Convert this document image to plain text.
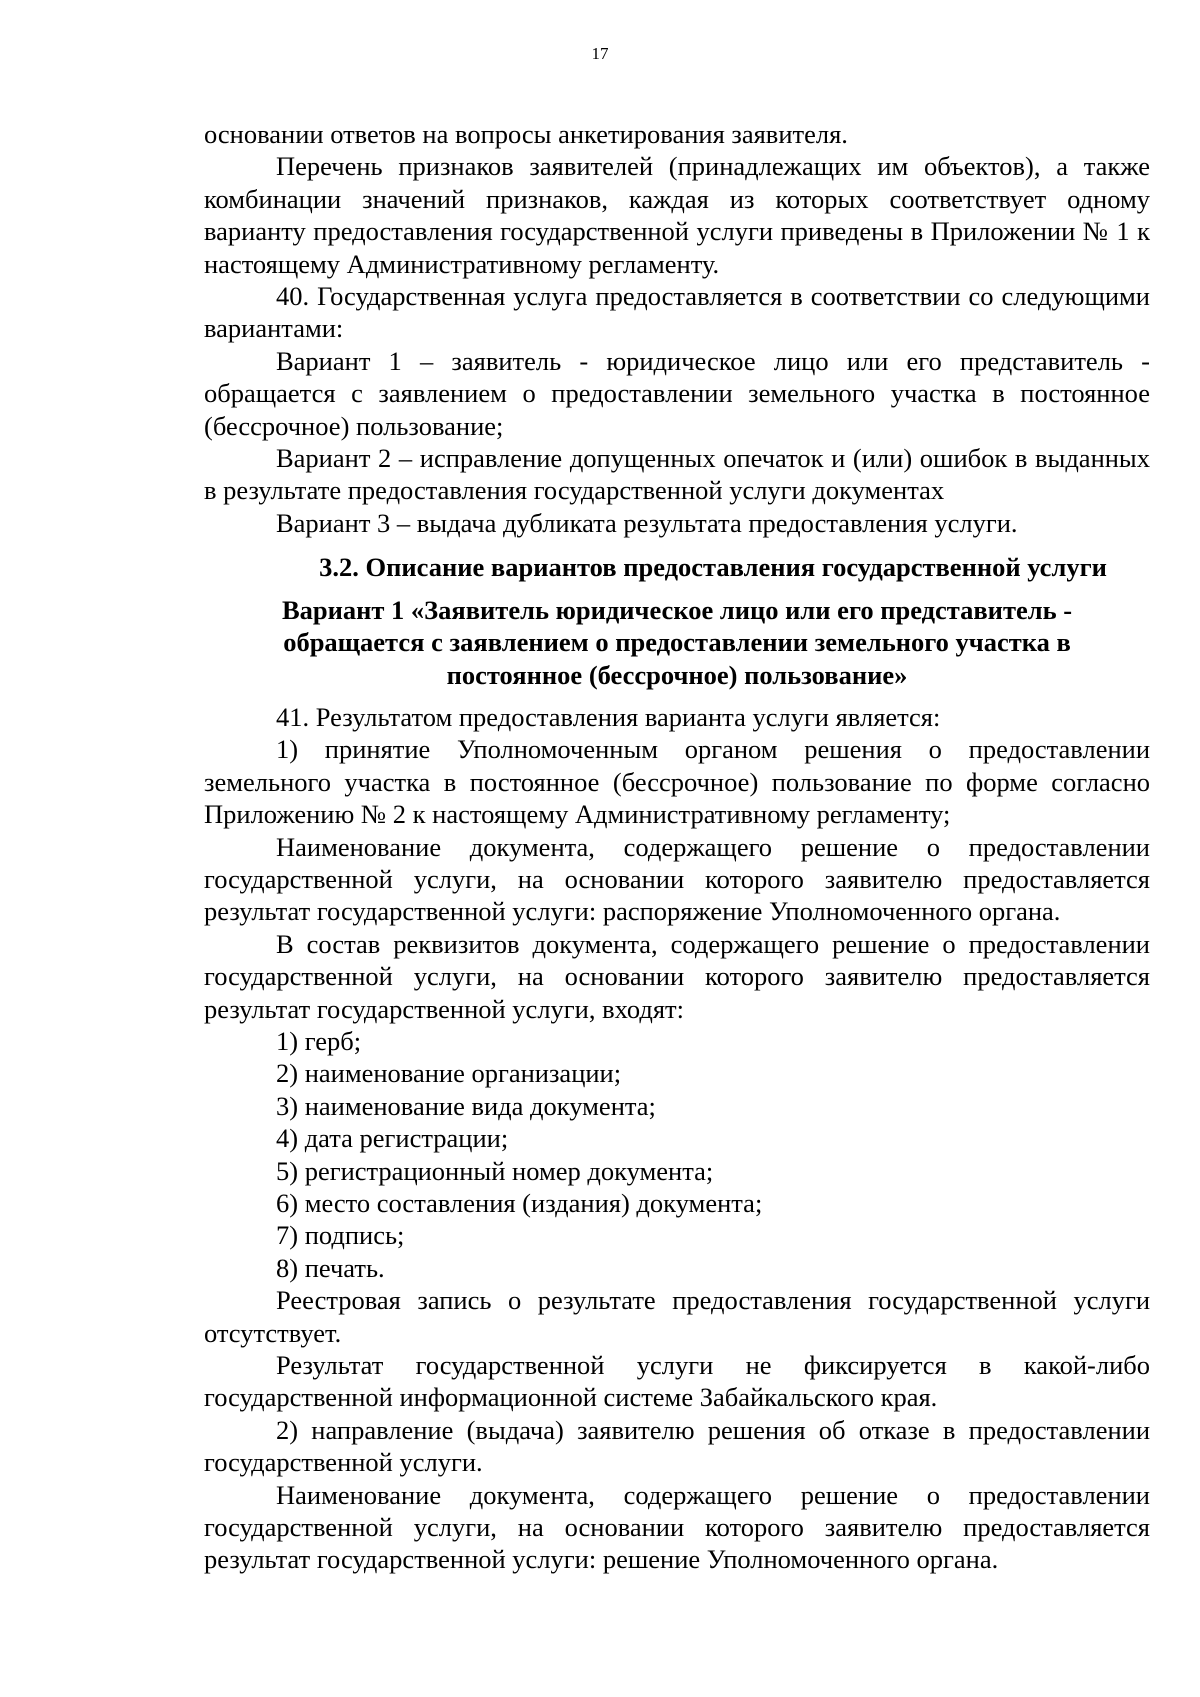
17

основании ответов на вопросы анкетирования заявителя.

Перечень признаков заявителей (принадлежащих им объектов), а также комбинации значений признаков, каждая из которых соответствует одному варианту предоставления государственной услуги приведены в Приложении № 1 к настоящему Административному регламенту.

40. Государственная услуга предоставляется в соответствии со следующими вариантами:

Вариант 1 – заявитель - юридическое лицо или его представитель - обращается с заявлением о предоставлении земельного участка в постоянное (бессрочное) пользование;

Вариант 2 – исправление допущенных опечаток и (или) ошибок в выданных в результате предоставления государственной услуги документах

Вариант 3 – выдача дубликата результата предоставления услуги.

3.2. Описание вариантов предоставления государственной услуги

Вариант 1 «Заявитель юридическое лицо или его представитель -
обращается с заявлением о предоставлении земельного участка в
постоянное (бессрочное) пользование»

41. Результатом предоставления варианта услуги является:

1) принятие Уполномоченным органом решения о предоставлении земельного участка в постоянное (бессрочное) пользование по форме согласно Приложению № 2 к настоящему Административному регламенту;

Наименование документа, содержащего решение о предоставлении государственной услуги, на основании которого заявителю предоставляется результат государственной услуги: распоряжение Уполномоченного органа.

В состав реквизитов документа, содержащего решение о предоставлении государственной услуги, на основании которого заявителю предоставляется результат государственной услуги, входят:

1) герб;

2) наименование организации;

3) наименование вида документа;

4) дата регистрации;

5) регистрационный номер документа;

6) место составления (издания) документа;

7) подпись;

8) печать.

Реестровая запись о результате предоставления государственной услуги отсутствует.

Результат государственной услуги не фиксируется в какой-либо государственной информационной системе Забайкальского края.

2) направление (выдача) заявителю решения об отказе в предоставлении государственной услуги.

Наименование документа, содержащего решение о предоставлении государственной услуги, на основании которого заявителю предоставляется результат государственной услуги: решение Уполномоченного органа.
